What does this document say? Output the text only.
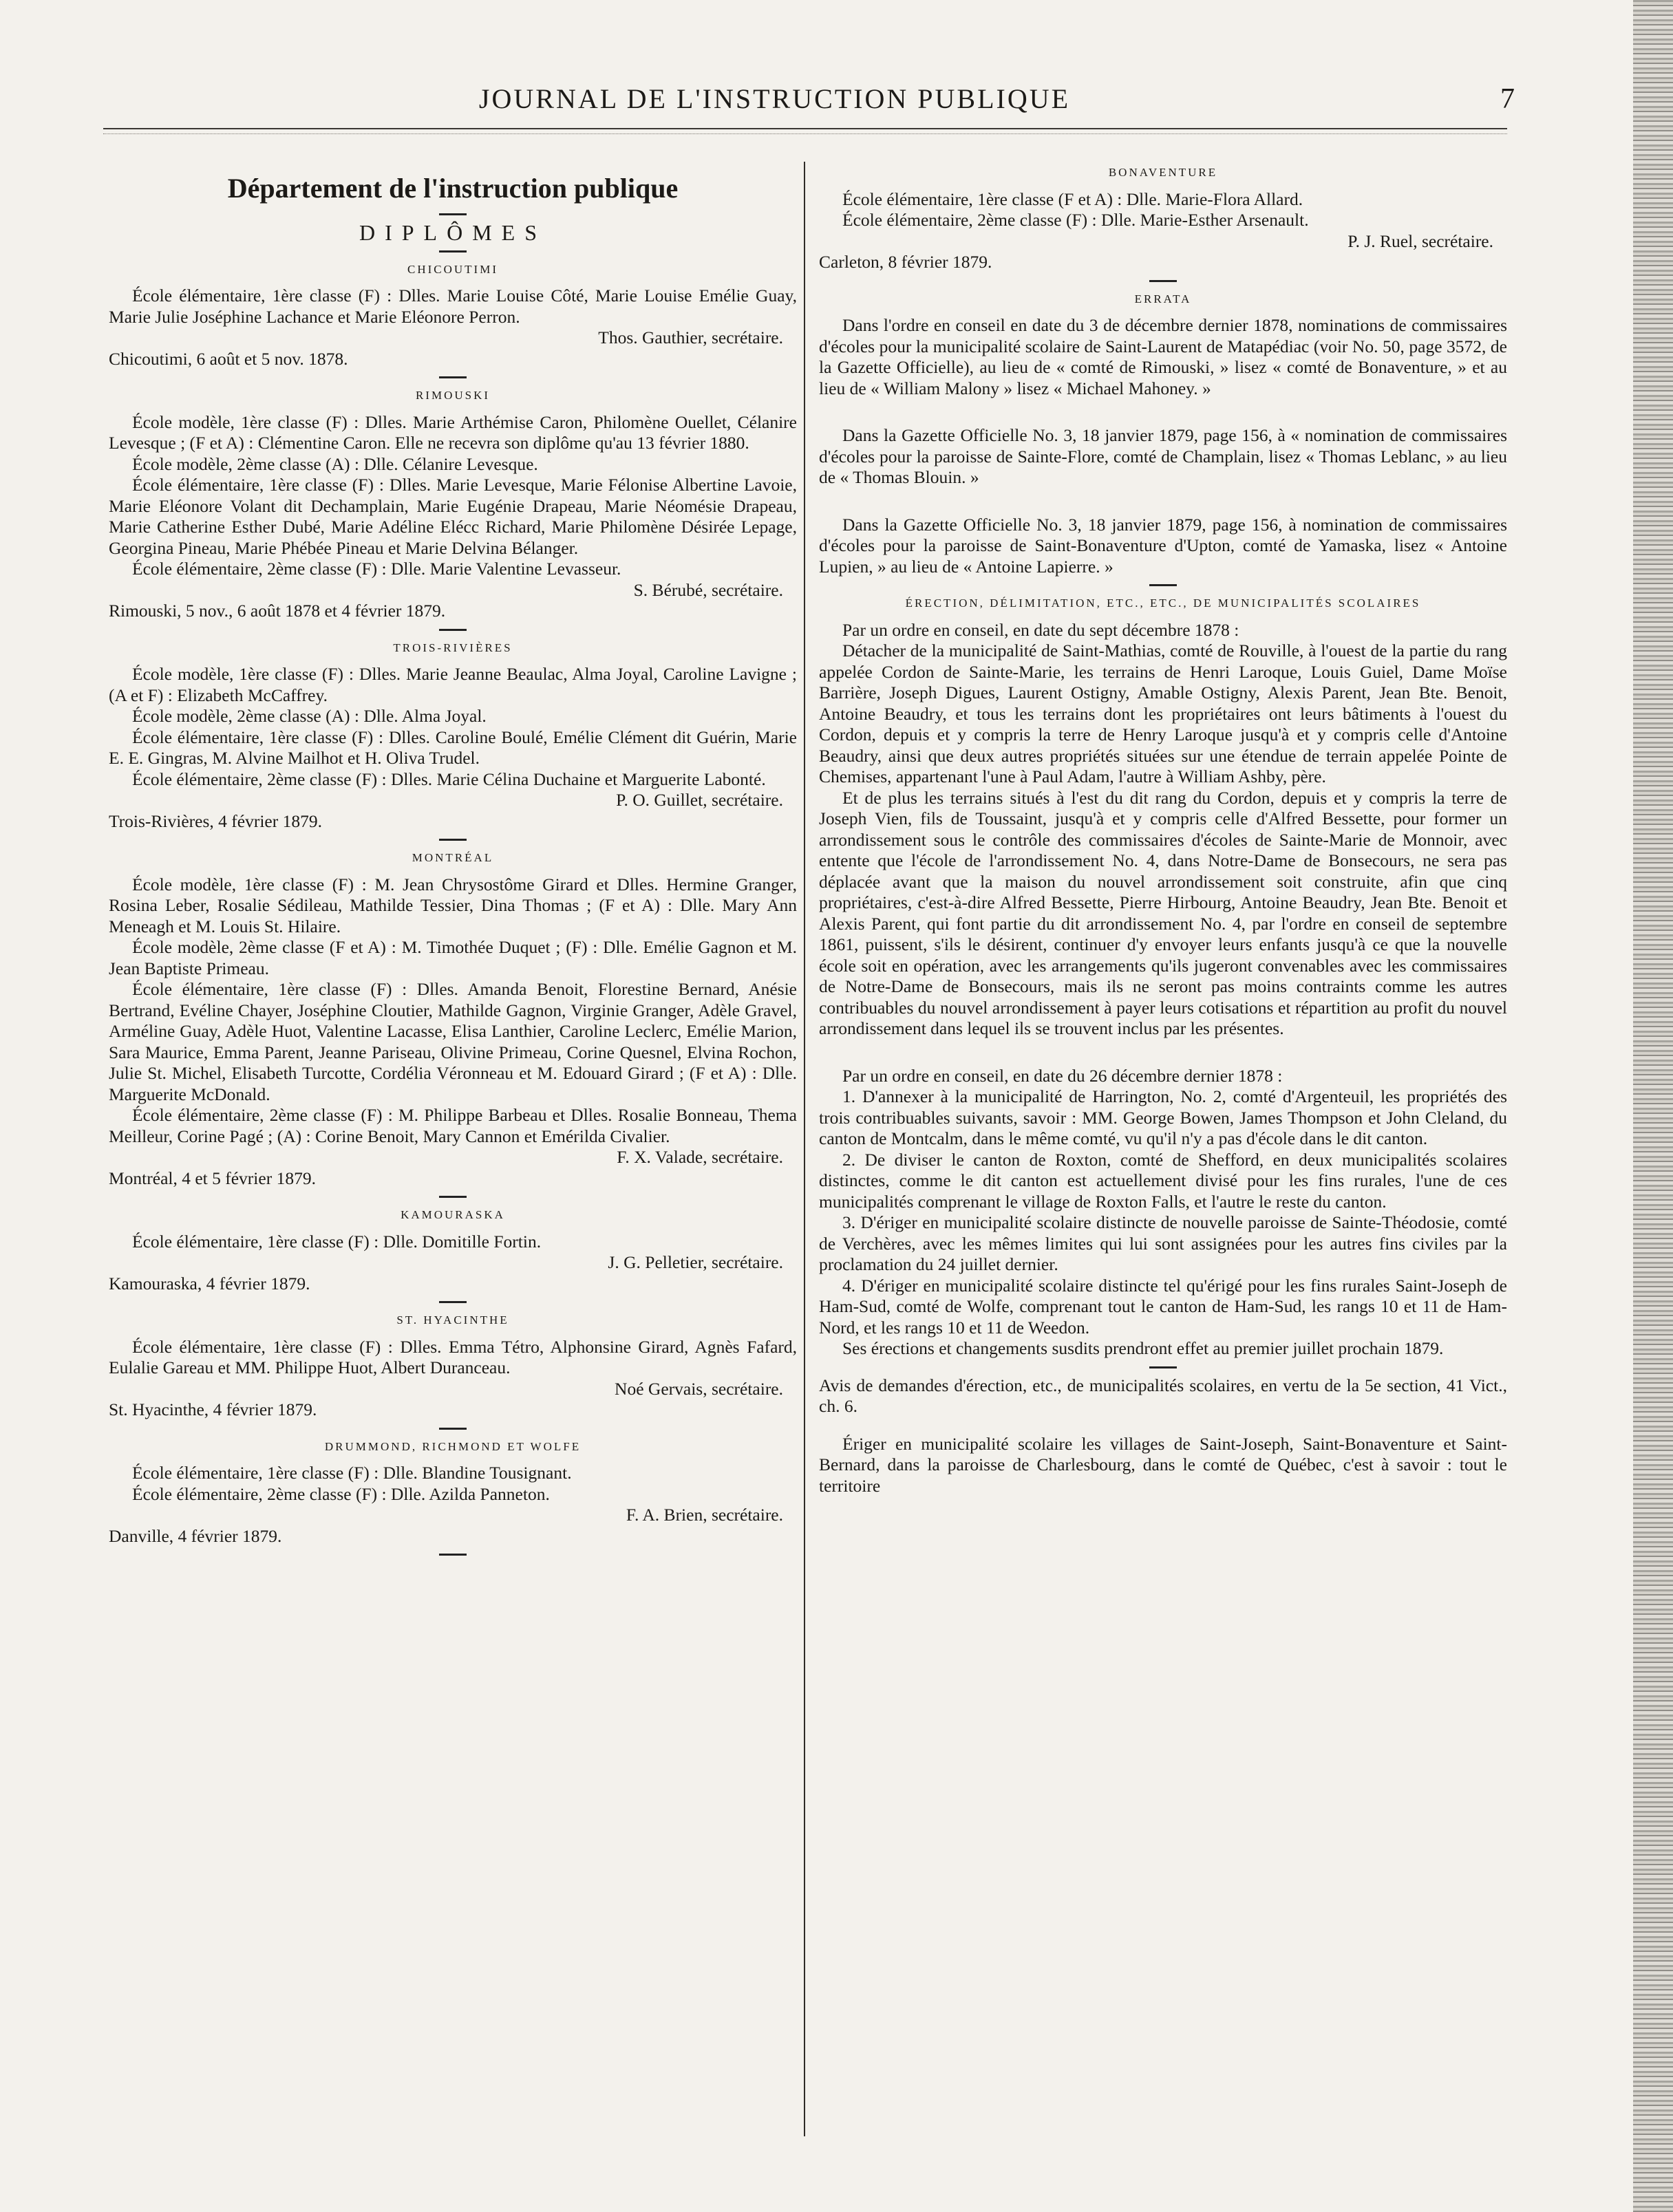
JOURNAL DE L'INSTRUCTION PUBLIQUE	7
Département de l'instruction publique
DIPLÔMES
CHICOUTIMI

École élémentaire, 1ère classe (F) : Dlles. Marie Louise Côté, Marie Louise Emélie Guay, Marie Julie Joséphine Lachance et Marie Eléonore Perron.

Thos. Gauthier, secrétaire.

Chicoutimi, 6 août et 5 nov. 1878.

RIMOUSKI

École modèle, 1ère classe (F) : Dlles. Marie Arthémise Caron, Philomène Ouellet, Célanire Levesque ; (F et A) : Clémentine Caron. Elle ne recevra son diplôme qu'au 13 février 1880.

École modèle, 2ème classe (A) : Dlle. Célanire Levesque.

École élémentaire, 1ère classe (F) : Dlles. Marie Levesque, Marie Félonise Albertine Lavoie, Marie Eléonore Volant dit Dechamplain, Marie Eugénie Drapeau, Marie Néomésie Drapeau, Marie Catherine Esther Dubé, Marie Adéline Elécc Richard, Marie Philomène Désirée Lepage, Georgina Pineau, Marie Phébée Pineau et Marie Delvina Bélanger.

École élémentaire, 2ème classe (F) : Dlle. Marie Valentine Levasseur.

S. Bérubé, secrétaire.

Rimouski, 5 nov., 6 août 1878 et 4 février 1879.

TROIS-RIVIÈRES

École modèle, 1ère classe (F) : Dlles. Marie Jeanne Beaulac, Alma Joyal, Caroline Lavigne ; (A et F) : Elizabeth McCaffrey.

École modèle, 2ème classe (A) : Dlle. Alma Joyal.

École élémentaire, 1ère classe (F) : Dlles. Caroline Boulé, Emélie Clément dit Guérin, Marie E. E. Gingras, M. Alvine Mailhot et H. Oliva Trudel.

École élémentaire, 2ème classe (F) : Dlles. Marie Célina Duchaine et Marguerite Labonté.

P. O. Guillet, secrétaire.

Trois-Rivières, 4 février 1879.

MONTRÉAL

École modèle, 1ère classe (F) : M. Jean Chrysostôme Girard et Dlles. Hermine Granger, Rosina Leber, Rosalie Sédileau, Mathilde Tessier, Dina Thomas ; (F et A) : Dlle. Mary Ann Meneagh et M. Louis St. Hilaire.

École modèle, 2ème classe (F et A) : M. Timothée Duquet ; (F) : Dlle. Emélie Gagnon et M. Jean Baptiste Primeau.

École élémentaire, 1ère classe (F) : Dlles. Amanda Benoit, Florestine Bernard, Anésie Bertrand, Evéline Chayer, Joséphine Cloutier, Mathilde Gagnon, Virginie Granger, Adèle Gravel, Arméline Guay, Adèle Huot, Valentine Lacasse, Elisa Lanthier, Caroline Leclerc, Emélie Marion, Sara Maurice, Emma Parent, Jeanne Pariseau, Olivine Primeau, Corine Quesnel, Elvina Rochon, Julie St. Michel, Elisabeth Turcotte, Cordélia Véronneau et M. Edouard Girard ; (F et A) : Dlle. Marguerite McDonald.

École élémentaire, 2ème classe (F) : M. Philippe Barbeau et Dlles. Rosalie Bonneau, Thema Meilleur, Corine Pagé ; (A) : Corine Benoit, Mary Cannon et Emérilda Civalier.

F. X. Valade, secrétaire.

Montréal, 4 et 5 février 1879.

KAMOURASKA

École élémentaire, 1ère classe (F) : Dlle. Domitille Fortin.

J. G. Pelletier, secrétaire.

Kamouraska, 4 février 1879.

ST. HYACINTHE

École élémentaire, 1ère classe (F) : Dlles. Emma Tétro, Alphonsine Girard, Agnès Fafard, Eulalie Gareau et MM. Philippe Huot, Albert Duranceau.

Noé Gervais, secrétaire.

St. Hyacinthe, 4 février 1879.

DRUMMOND, RICHMOND ET WOLFE

École élémentaire, 1ère classe (F) : Dlle. Blandine Tousignant.

École élémentaire, 2ème classe (F) : Dlle. Azilda Panneton.

F. A. Brien, secrétaire.

Danville, 4 février 1879.

BONAVENTURE

École élémentaire, 1ère classe (F et A) : Dlle. Marie-Flora Allard.

École élémentaire, 2ème classe (F) : Dlle. Marie-Esther Arsenault.

P. J. Ruel, secrétaire.

Carleton, 8 février 1879.

ERRATA

Dans l'ordre en conseil en date du 3 de décembre dernier 1878, nominations de commissaires d'écoles pour la municipalité scolaire de Saint-Laurent de Matapédiac (voir No. 50, page 3572, de la Gazette Officielle), au lieu de « comté de Rimouski, » lisez « comté de Bonaventure, » et au lieu de « William Malony » lisez « Michael Mahoney. »

Dans la Gazette Officielle No. 3, 18 janvier 1879, page 156, à « nomination de commissaires d'écoles pour la paroisse de Sainte-Flore, comté de Champlain, lisez « Thomas Leblanc, » au lieu de « Thomas Blouin. »

Dans la Gazette Officielle No. 3, 18 janvier 1879, page 156, à nomination de commissaires d'écoles pour la paroisse de Saint-Bonaventure d'Upton, comté de Yamaska, lisez « Antoine Lupien, » au lieu de « Antoine Lapierre. »

ÉRECTION, DÉLIMITATION, ETC., ETC., DE MUNICIPALITÉS SCOLAIRES

Par un ordre en conseil, en date du sept décembre 1878 :

Détacher de la municipalité de Saint-Mathias, comté de Rouville, à l'ouest de la partie du rang appelée Cordon de Sainte-Marie, les terrains de Henri Laroque, Louis Guiel, Dame Moïse Barrière, Joseph Digues, Laurent Ostigny, Amable Ostigny, Alexis Parent, Jean Bte. Benoit, Antoine Beaudry, et tous les terrains dont les propriétaires ont leurs bâtiments à l'ouest du Cordon, depuis et y compris la terre de Henry Laroque jusqu'à et y compris celle d'Antoine Beaudry, ainsi que deux autres propriétés situées sur une étendue de terrain appelée Pointe de Chemises, appartenant l'une à Paul Adam, l'autre à William Ashby, père.

Et de plus les terrains situés à l'est du dit rang du Cordon, depuis et y compris la terre de Joseph Vien, fils de Toussaint, jusqu'à et y compris celle d'Alfred Bessette, pour former un arrondissement sous le contrôle des commissaires d'écoles de Sainte-Marie de Monnoir, avec entente que l'école de l'arrondissement No. 4, dans Notre-Dame de Bonsecours, ne sera pas déplacée avant que la maison du nouvel arrondissement soit construite, afin que cinq propriétaires, c'est-à-dire Alfred Bessette, Pierre Hirbourg, Antoine Beaudry, Jean Bte. Benoit et Alexis Parent, qui font partie du dit arrondissement No. 4, par l'ordre en conseil de septembre 1861, puissent, s'ils le désirent, continuer d'y envoyer leurs enfants jusqu'à ce que la nouvelle école soit en opération, avec les arrangements qu'ils jugeront convenables avec les commissaires de Notre-Dame de Bonsecours, mais ils ne seront pas moins contraints comme les autres contribuables du nouvel arrondissement à payer leurs cotisations et répartition au profit du nouvel arrondissement dans lequel ils se trouvent inclus par les présentes.

Par un ordre en conseil, en date du 26 décembre dernier 1878 :

1. D'annexer à la municipalité de Harrington, No. 2, comté d'Argenteuil, les propriétés des trois contribuables suivants, savoir : MM. George Bowen, James Thompson et John Cleland, du canton de Montcalm, dans le même comté, vu qu'il n'y a pas d'école dans le dit canton.

2. De diviser le canton de Roxton, comté de Shefford, en deux municipalités scolaires distinctes, comme le dit canton est actuellement divisé pour les fins rurales, l'une de ces municipalités comprenant le village de Roxton Falls, et l'autre le reste du canton.

3. D'ériger en municipalité scolaire distincte de nouvelle paroisse de Sainte-Théodosie, comté de Verchères, avec les mêmes limites qui lui sont assignées pour les autres fins civiles par la proclamation du 24 juillet dernier.

4. D'ériger en municipalité scolaire distincte tel qu'érigé pour les fins rurales Saint-Joseph de Ham-Sud, comté de Wolfe, comprenant tout le canton de Ham-Sud, les rangs 10 et 11 de Ham-Nord, et les rangs 10 et 11 de Weedon.

Ses érections et changements susdits prendront effet au premier juillet prochain 1879.

Avis de demandes d'érection, etc., de municipalités scolaires, en vertu de la 5e section, 41 Vict., ch. 6.

Ériger en municipalité scolaire les villages de Saint-Joseph, Saint-Bonaventure et Saint-Bernard, dans la paroisse de Charlesbourg, dans le comté de Québec, c'est à savoir : tout le territoire
